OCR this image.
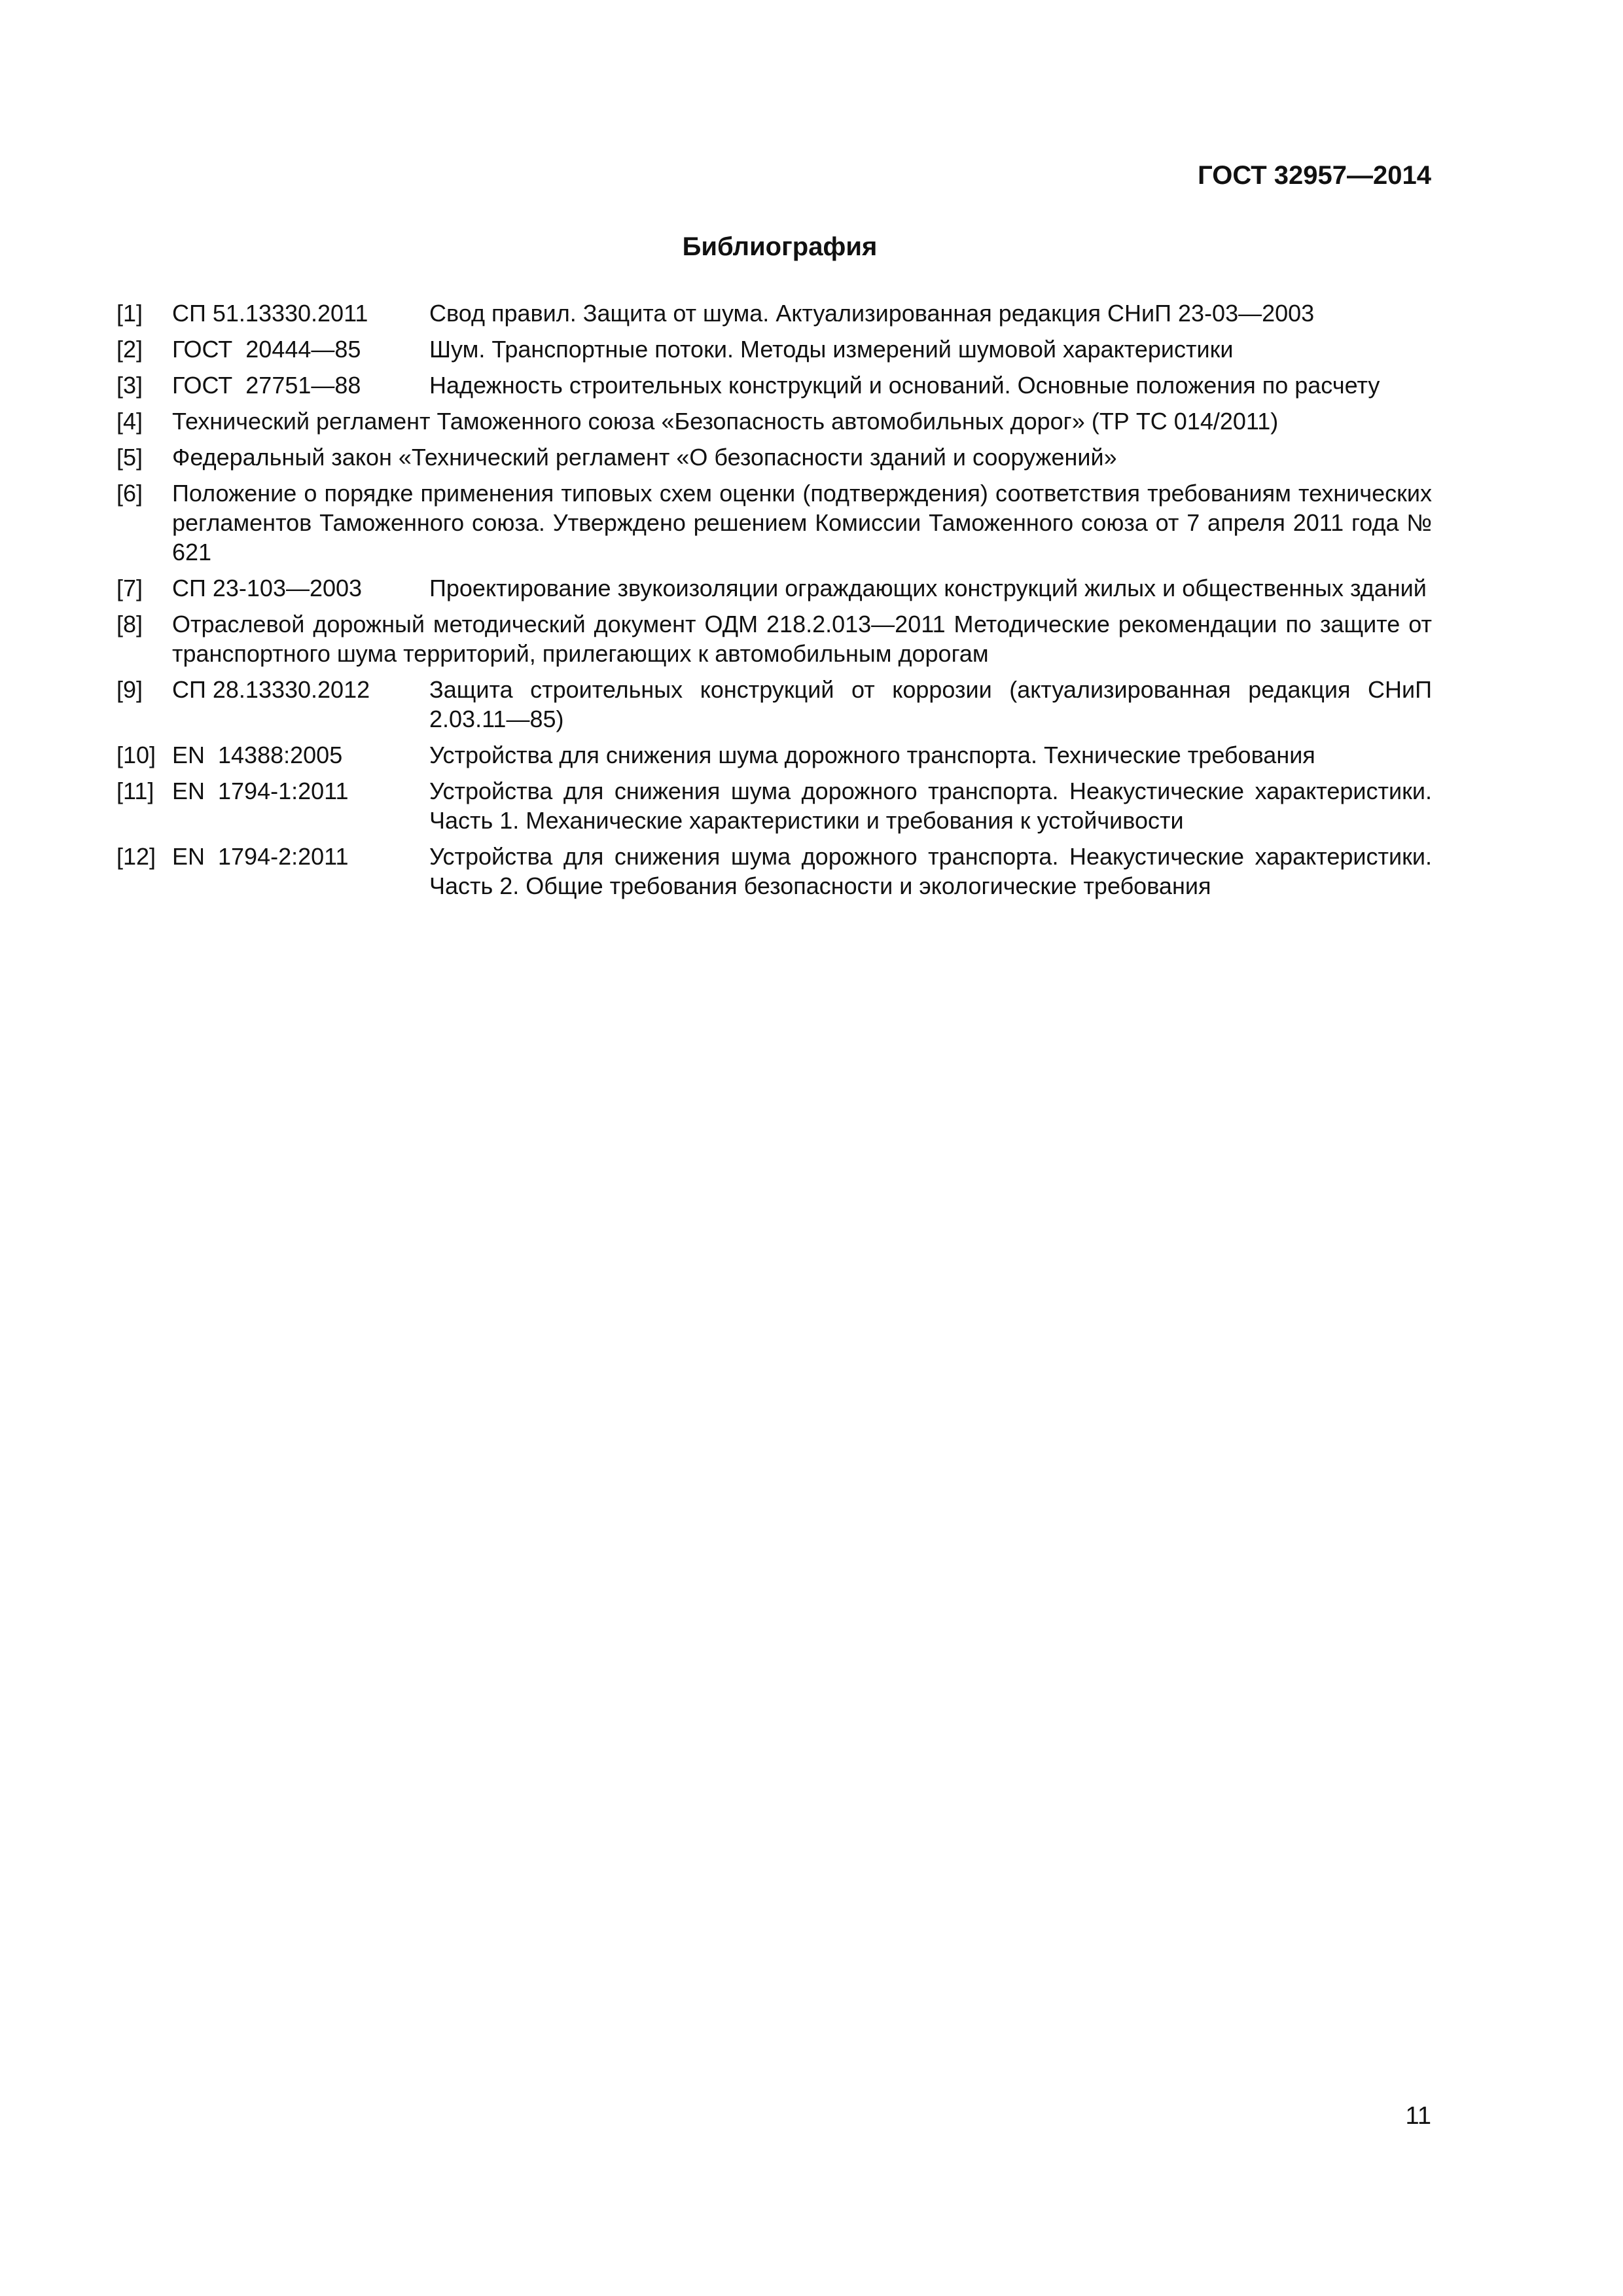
ГОСТ 32957—2014

Библиография
[1] СП 51.13330.2011	Свод правил. Защита от шума. Актуализированная редакция СНиП 23-03—2003
[2] ГОСТ  20444—85	Шум. Транспортные потоки. Методы измерений шумовой характеристики
[3] ГОСТ  27751—88	Надежность строительных конструкций и оснований. Основные положения по расчету
[4] Технический регламент Таможенного союза «Безопасность автомобильных дорог» (ТР ТС 014/2011)
[5] Федеральный закон «Технический регламент «О безопасности зданий и сооружений»
[6] Положение о порядке применения типовых схем оценки (подтверждения) соответствия требованиям технических регламентов Таможенного союза. Утверждено решением Комиссии Таможенного союза от 7 апреля 2011 года № 621
[7] СП 23-103—2003	Проектирование звукоизоляции ограждающих конструкций жилых и общественных зданий
[8] Отраслевой дорожный методический документ ОДМ 218.2.013—2011 Методические рекомендации по защите от транспортного шума территорий, прилегающих к автомобильным дорогам
[9] СП 28.13330.2012	Защита строительных конструкций от коррозии (актуализированная редакция СНиП 2.03.11—85)
[10] EN  14388:2005	Устройства для снижения шума дорожного транспорта. Технические требования
[11] EN  1794-1:2011	Устройства для снижения шума дорожного транспорта. Неакустические характеристики. Часть 1. Механические характеристики и требования к устойчивости
[12] EN  1794-2:2011	Устройства для снижения шума дорожного транспорта. Неакустические характеристики. Часть 2. Общие требования безопасности и экологические требования

11
